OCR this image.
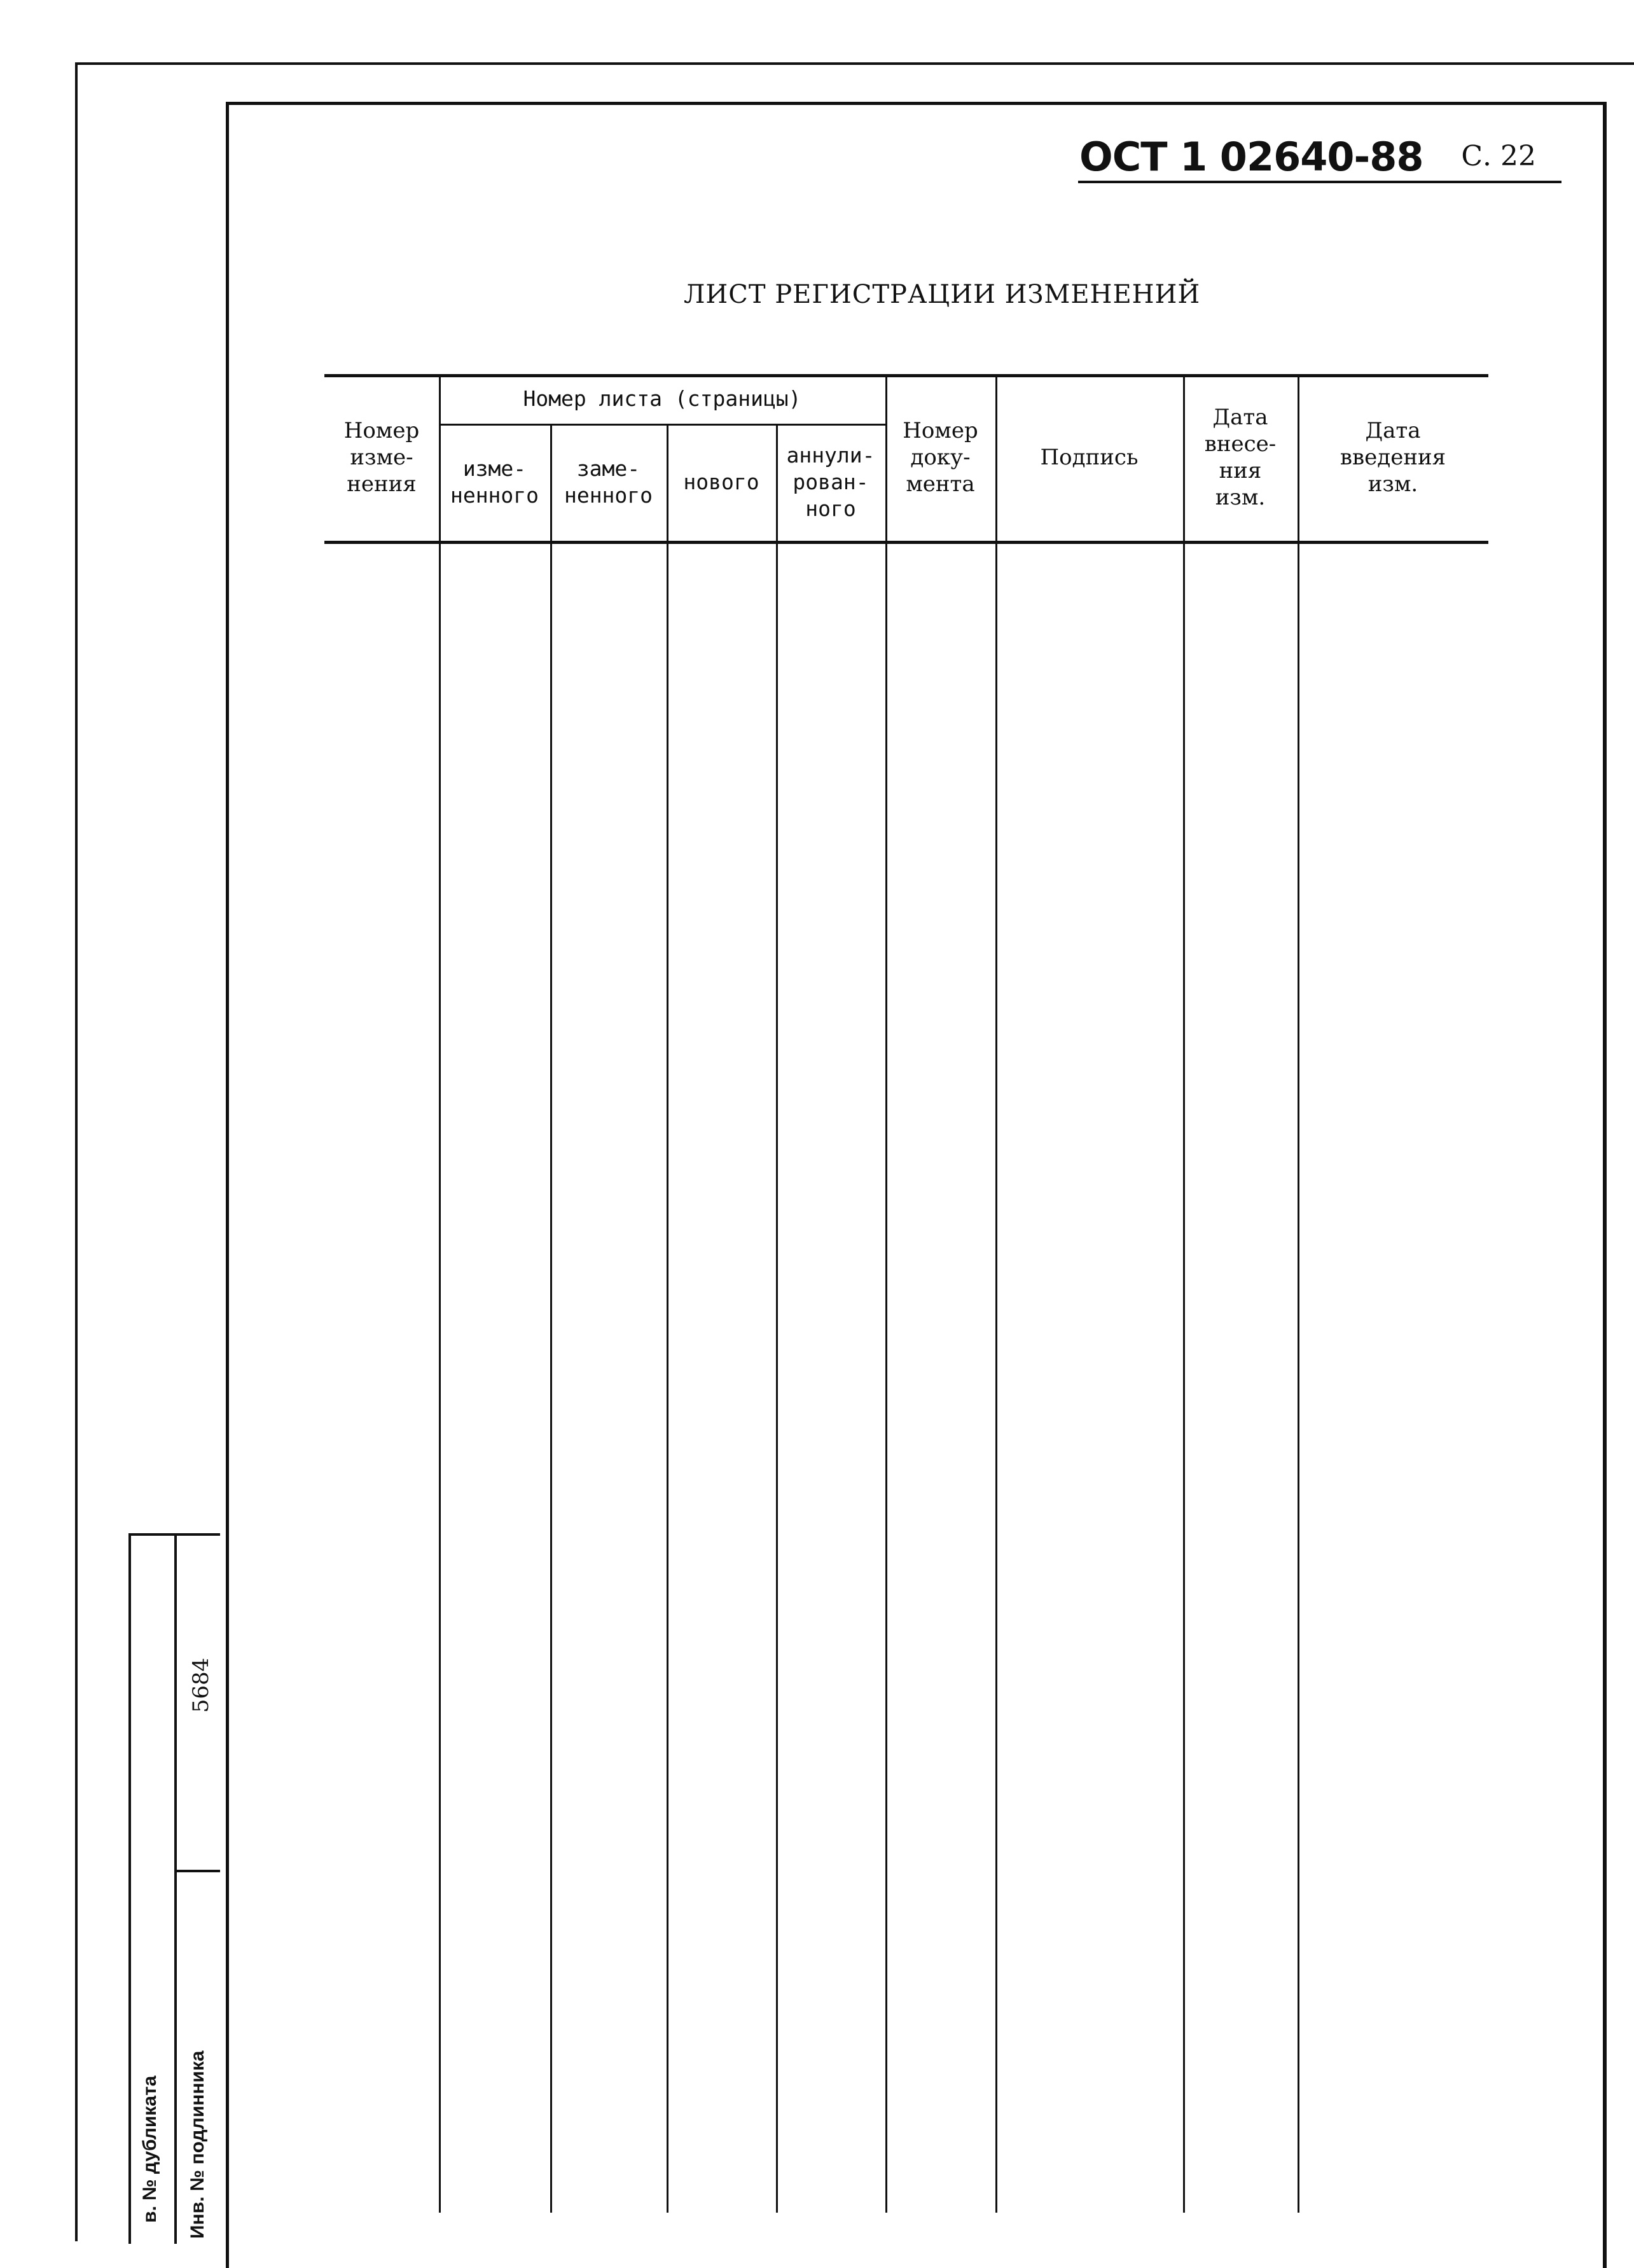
ОСТ 1 02640-88 С. 22
ЛИСТ РЕГИСТРАЦИИ ИЗМЕНЕНИЙ
Номер
изме-
нения
Номер листа (страницы)
изме-
ненного
заме-
ненного
нового
аннули-
рован-
ного
Номер
доку-
мента
Подпись
Дата
внесе-
ния
изм.
Дата
введения
изм.
5684
в. № дубликата	Инв. № подлинника
